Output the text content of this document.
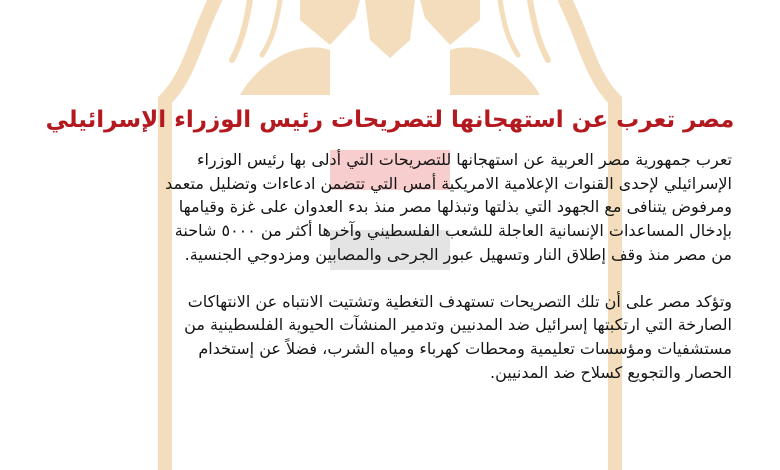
مصر تعرب عن استهجانها لتصريحات رئيس الوزراء الإسرائيلي

تعرب جمهورية مصر العربية عن استهجانها للتصريحات التي أدلى بها رئيس الوزراء
الإسرائيلي لإحدى القنوات الإعلامية الامريكية أمس التي تتضمن ادعاءات وتضليل متعمد
ومرفوض يتنافى مع الجهود التي بذلتها وتبذلها مصر منذ بدء العدوان على غزة وقيامها
بإدخال المساعدات الإنسانية العاجلة للشعب الفلسطيني وآخرها أكثر من ٥٠٠٠ شاحنة
من مصر منذ وقف إطلاق النار وتسهيل عبور الجرحى والمصابين ومزدوجي الجنسية.

وتؤكد مصر على أن تلك التصريحات تستهدف التغطية وتشتيت الانتباه عن الانتهاكات
الصارخة التي ارتكبتها إسرائيل ضد المدنيين وتدمير المنشآت الحيوية الفلسطينية من
مستشفيات ومؤسسات تعليمية ومحطات كهرباء ومياه الشرب، فضلاً عن إستخدام
الحصار والتجويع كسلاح ضد المدنيين.
